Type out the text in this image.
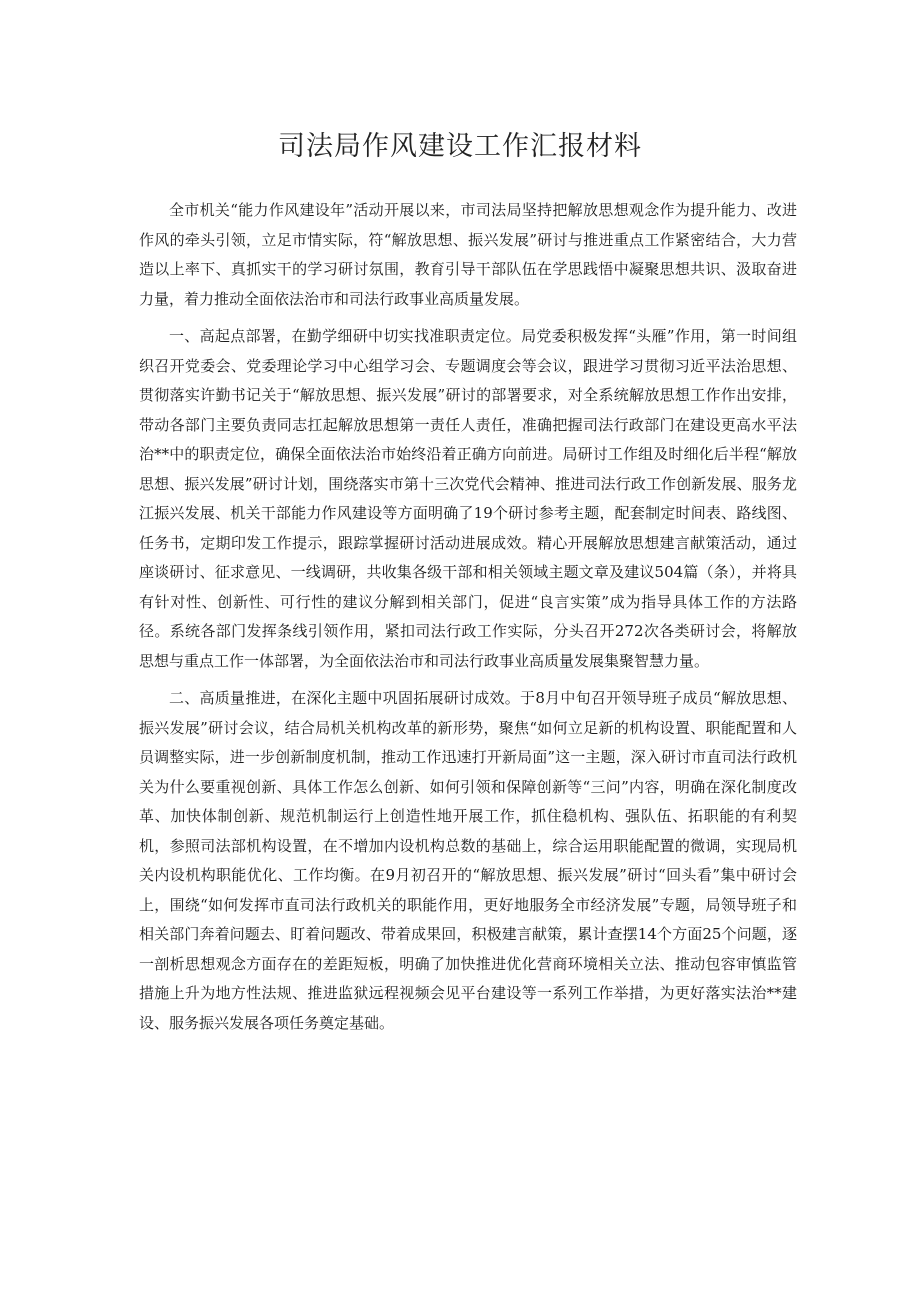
司法局作风建设工作汇报材料

全市机关“能力作风建设年”活动开展以来，市司法局坚持把解放思想观念作为提升能力、改进作风的牵头引领，立足市情实际，符“解放思想、振兴发展”研讨与推进重点工作紧密结合，大力营造以上率下、真抓实干的学习研讨氛围，教育引导干部队伍在学思践悟中凝聚思想共识、汲取奋进力量，着力推动全面依法治市和司法行政事业高质量发展。

一、高起点部署，在勤学细研中切实找准职责定位。局党委积极发挥“头雁”作用，第一时间组织召开党委会、党委理论学习中心组学习会、专题调度会等会议，跟进学习贯彻习近平法治思想、贯彻落实许勤书记关于“解放思想、振兴发展”研讨的部署要求，对全系统解放思想工作作出安排，带动各部门主要负责同志扛起解放思想第一责任人责任，准确把握司法行政部门在建设更高水平法治**中的职责定位，确保全面依法治市始终沿着正确方向前进。局研讨工作组及时细化后半程“解放思想、振兴发展”研讨计划，围绕落实市第十三次党代会精神、推进司法行政工作创新发展、服务龙江振兴发展、机关干部能力作风建设等方面明确了19个研讨参考主题，配套制定时间表、路线图、任务书，定期印发工作提示，跟踪掌握研讨活动进展成效。精心开展解放思想建言献策活动，通过座谈研讨、征求意见、一线调研，共收集各级干部和相关领域主题文章及建议504篇（条），并将具有针对性、创新性、可行性的建议分解到相关部门，促进“良言实策”成为指导具体工作的方法路径。系统各部门发挥条线引领作用，紧扣司法行政工作实际，分头召开272次各类研讨会，将解放思想与重点工作一体部署，为全面依法治市和司法行政事业高质量发展集聚智慧力量。

二、高质量推进，在深化主题中巩固拓展研讨成效。于8月中旬召开领导班子成员“解放思想、振兴发展”研讨会议，结合局机关机构改革的新形势，聚焦“如何立足新的机构设置、职能配置和人员调整实际，进一步创新制度机制，推动工作迅速打开新局面”这一主题，深入研讨市直司法行政机关为什么要重视创新、具体工作怎么创新、如何引领和保障创新等“三问”内容，明确在深化制度改革、加快体制创新、规范机制运行上创造性地开展工作，抓住稳机构、强队伍、拓职能的有利契机，参照司法部机构设置，在不增加内设机构总数的基础上，综合运用职能配置的微调，实现局机关内设机构职能优化、工作均衡。在9月初召开的“解放思想、振兴发展”研讨“回头看”集中研讨会上，围绕“如何发挥市直司法行政机关的职能作用，更好地服务全市经济发展”专题，局领导班子和相关部门奔着问题去、盯着问题改、带着成果回，积极建言献策，累计查摆14个方面25个问题，逐一剖析思想观念方面存在的差距短板，明确了加快推进优化营商环境相关立法、推动包容审慎监管措施上升为地方性法规、推进监狱远程视频会见平台建设等一系列工作举措，为更好落实法治**建设、服务振兴发展各项任务奠定基础。
